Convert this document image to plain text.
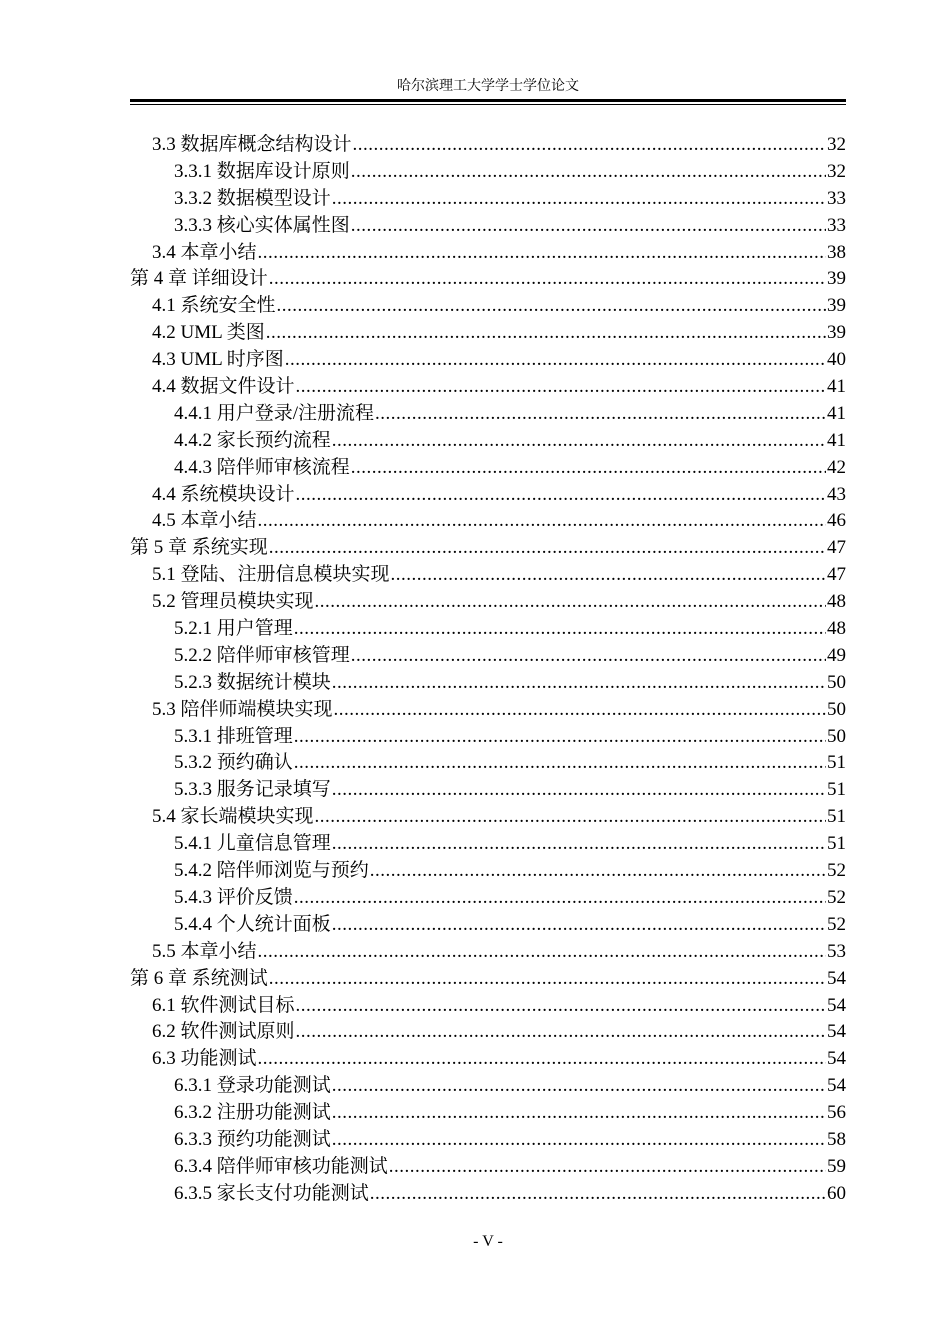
哈尔滨理工大学学士学位论文
3.3 数据库概念结构设计 .....	32
3.3.1 数据库设计原则 .....	32
3.3.2 数据模型设计 .....	33
3.3.3 核心实体属性图 .....	33
3.4 本章小结 .....	38
第 4 章 详细设计 .....	39
4.1 系统安全性 .....	39
4.2 UML 类图 .....	39
4.3 UML 时序图 .....	40
4.4 数据文件设计 .....	41
4.4.1 用户登录/注册流程 .....	41
4.4.2 家长预约流程 .....	41
4.4.3 陪伴师审核流程 .....	42
4.4 系统模块设计 .....	43
4.5 本章小结 .....	46
第 5 章 系统实现 .....	47
5.1 登陆、注册信息模块实现 .....	47
5.2 管理员模块实现 .....	48
5.2.1 用户管理 .....	48
5.2.2 陪伴师审核管理 .....	49
5.2.3 数据统计模块 .....	50
5.3 陪伴师端模块实现 .....	50
5.3.1 排班管理 .....	50
5.3.2 预约确认 .....	51
5.3.3 服务记录填写 .....	51
5.4 家长端模块实现 .....	51
5.4.1 儿童信息管理 .....	51
5.4.2 陪伴师浏览与预约 .....	52
5.4.3 评价反馈 .....	52
5.4.4 个人统计面板 .....	52
5.5 本章小结 .....	53
第 6 章 系统测试 .....	54
6.1 软件测试目标 .....	54
6.2 软件测试原则 .....	54
6.3 功能测试 .....	54
6.3.1 登录功能测试 .....	54
6.3.2 注册功能测试 .....	56
6.3.3 预约功能测试 .....	58
6.3.4 陪伴师审核功能测试 .....	59
6.3.5 家长支付功能测试 .....	60
- V -
